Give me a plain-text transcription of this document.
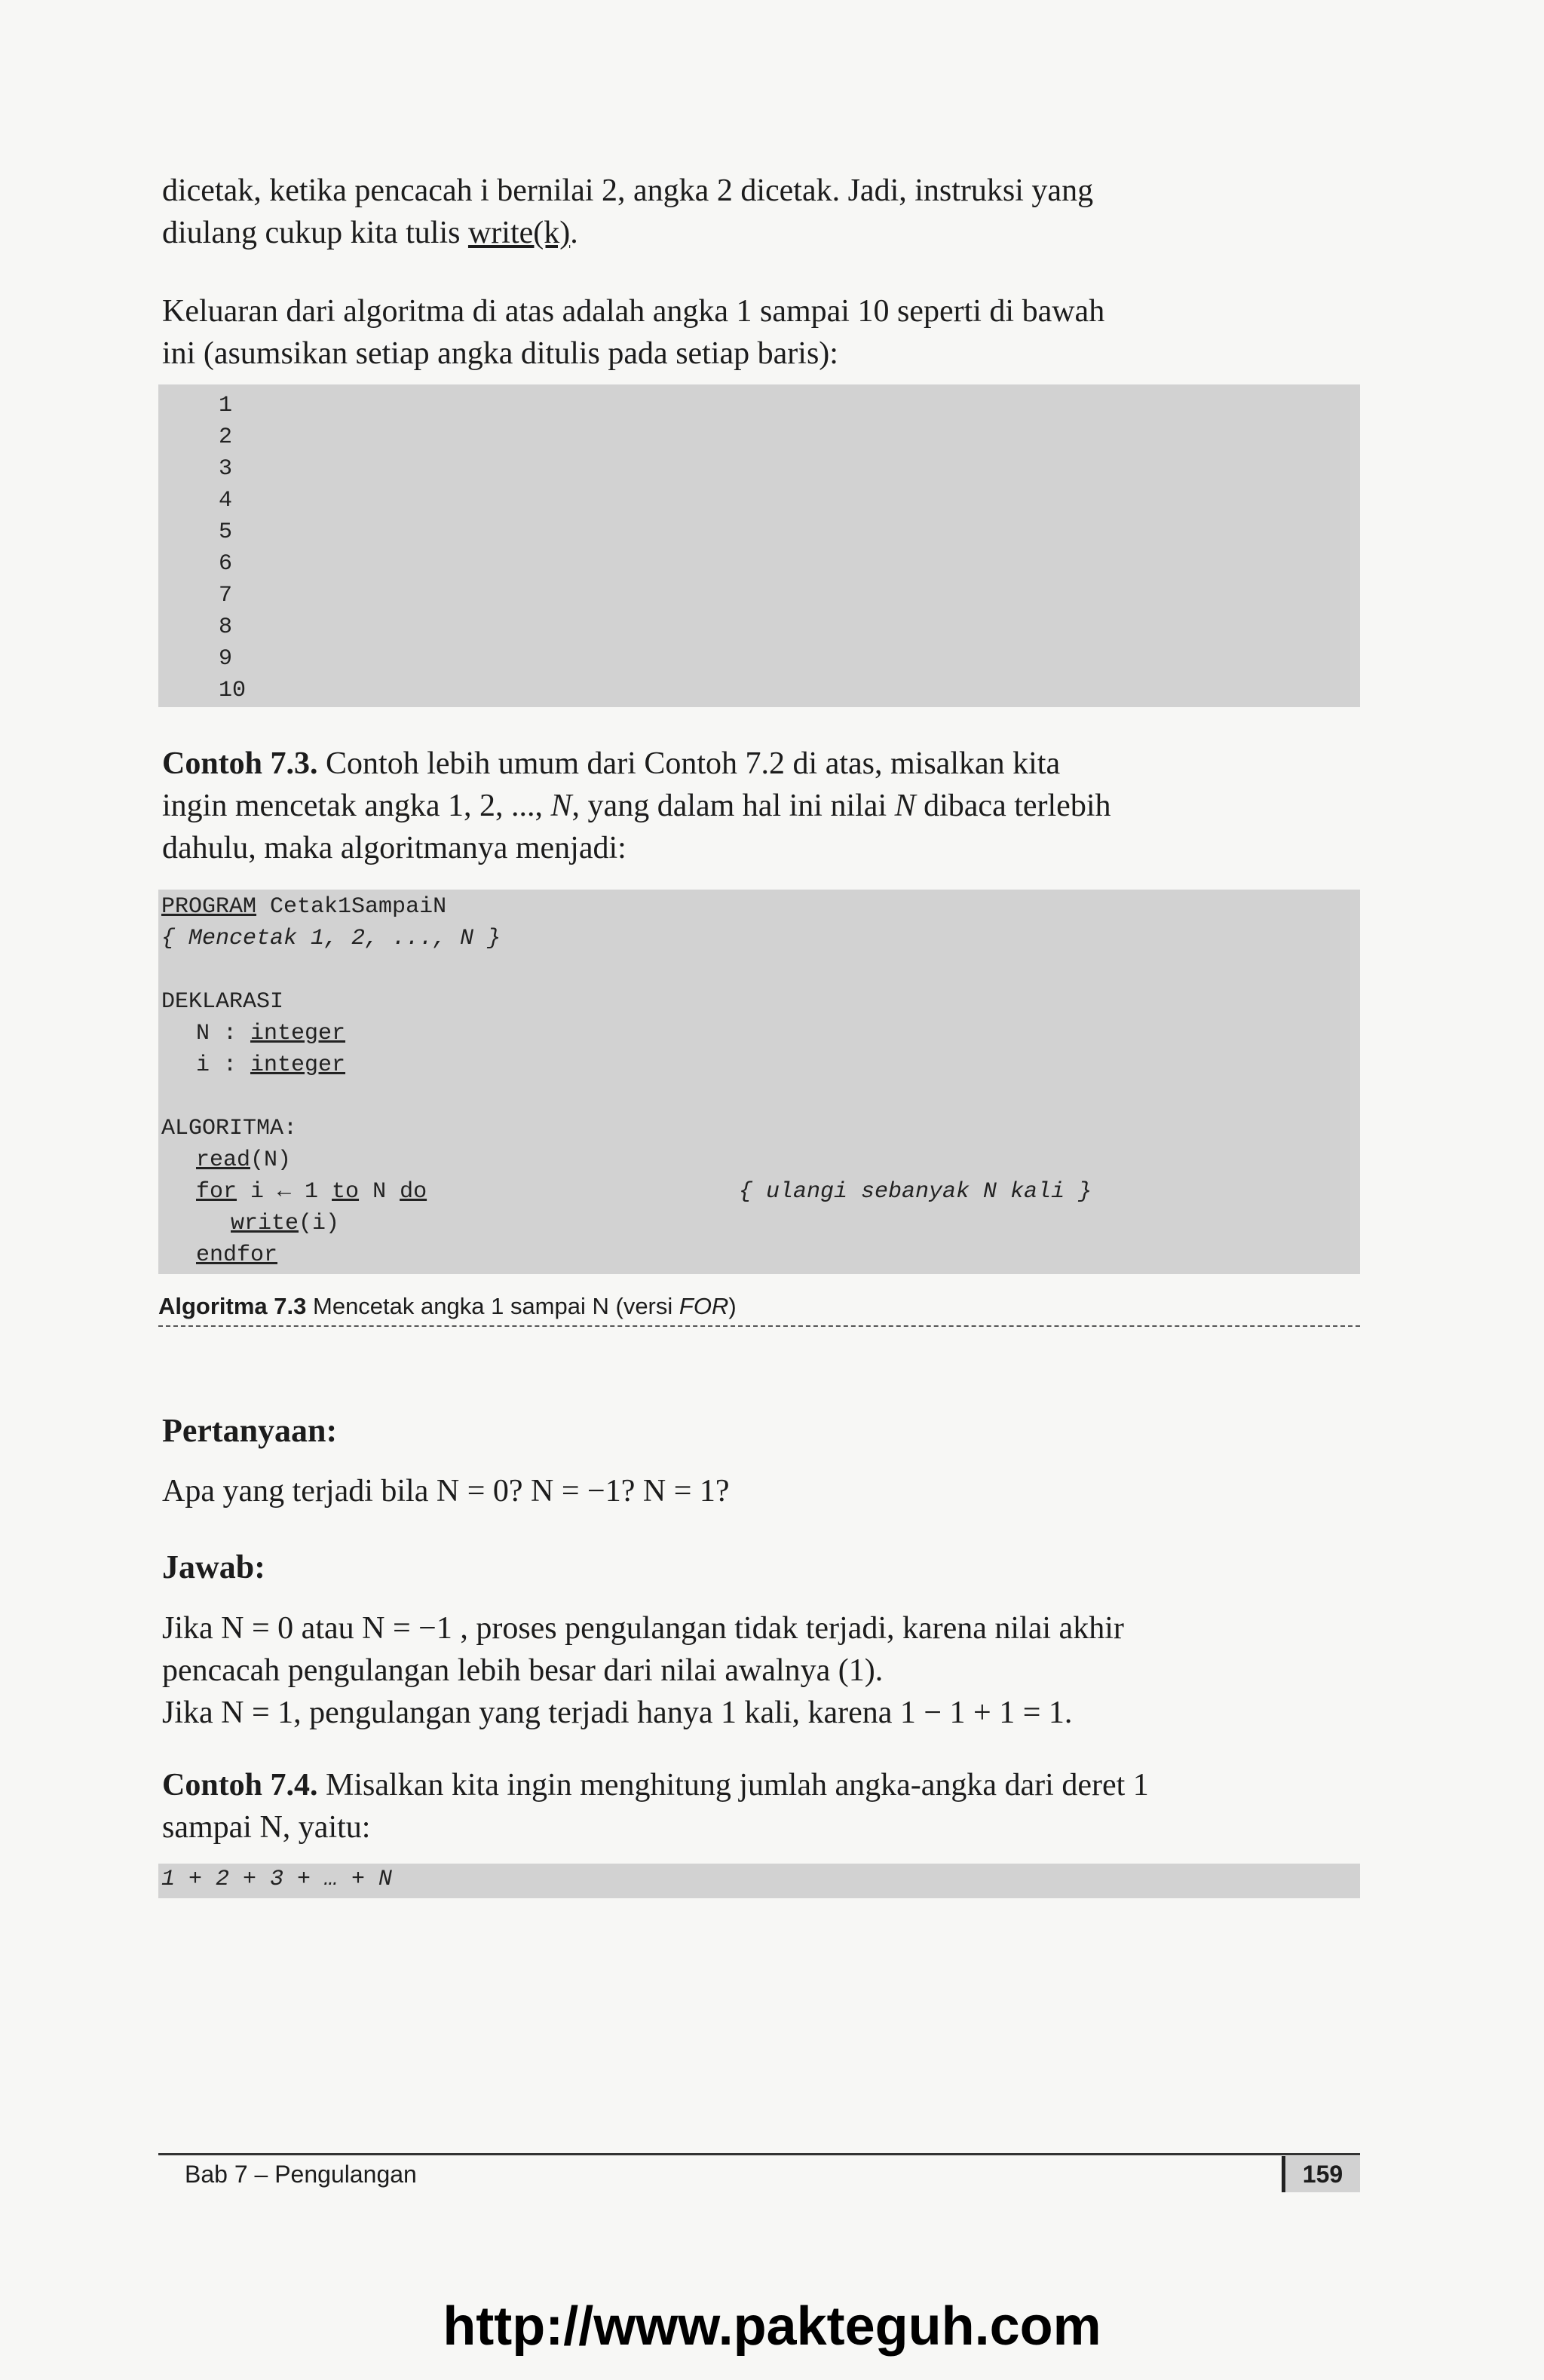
dicetak, ketika pencacah i bernilai 2, angka 2 dicetak. Jadi, instruksi yang
diulang cukup kita tulis write(k).

Keluaran dari algoritma di atas adalah angka 1 sampai 10 seperti di bawah
ini (asumsikan setiap angka ditulis pada setiap baris):

1
2
3
4
5
6
7
8
9
10

Contoh 7.3. Contoh lebih umum dari Contoh 7.2 di atas, misalkan kita
ingin mencetak angka 1, 2, ..., N, yang dalam hal ini nilai N dibaca terlebih
dahulu, maka algoritmanya menjadi:

PROGRAM Cetak1SampaiN
{ Mencetak 1, 2, ..., N }

DEKLARASI
N : integer
i : integer

ALGORITMA:
read(N)
for i ← 1 to N do	{ ulangi sebanyak N kali }
write(i)
endfor
Algoritma 7.3 Mencetak angka 1 sampai N (versi FOR)
Pertanyaan:

Apa yang terjadi bila N = 0? N = −1? N = 1?

Jawab:

Jika N = 0 atau N = −1 , proses pengulangan tidak terjadi, karena nilai akhir
pencacah pengulangan lebih besar dari nilai awalnya (1).
Jika N = 1, pengulangan yang terjadi hanya 1 kali, karena 1 − 1 + 1 = 1.

Contoh 7.4. Misalkan kita ingin menghitung jumlah angka-angka dari deret 1
sampai N, yaitu:

1 + 2 + 3 + … + N
Bab 7 – Pengulangan	159
http://www.pakteguh.com
